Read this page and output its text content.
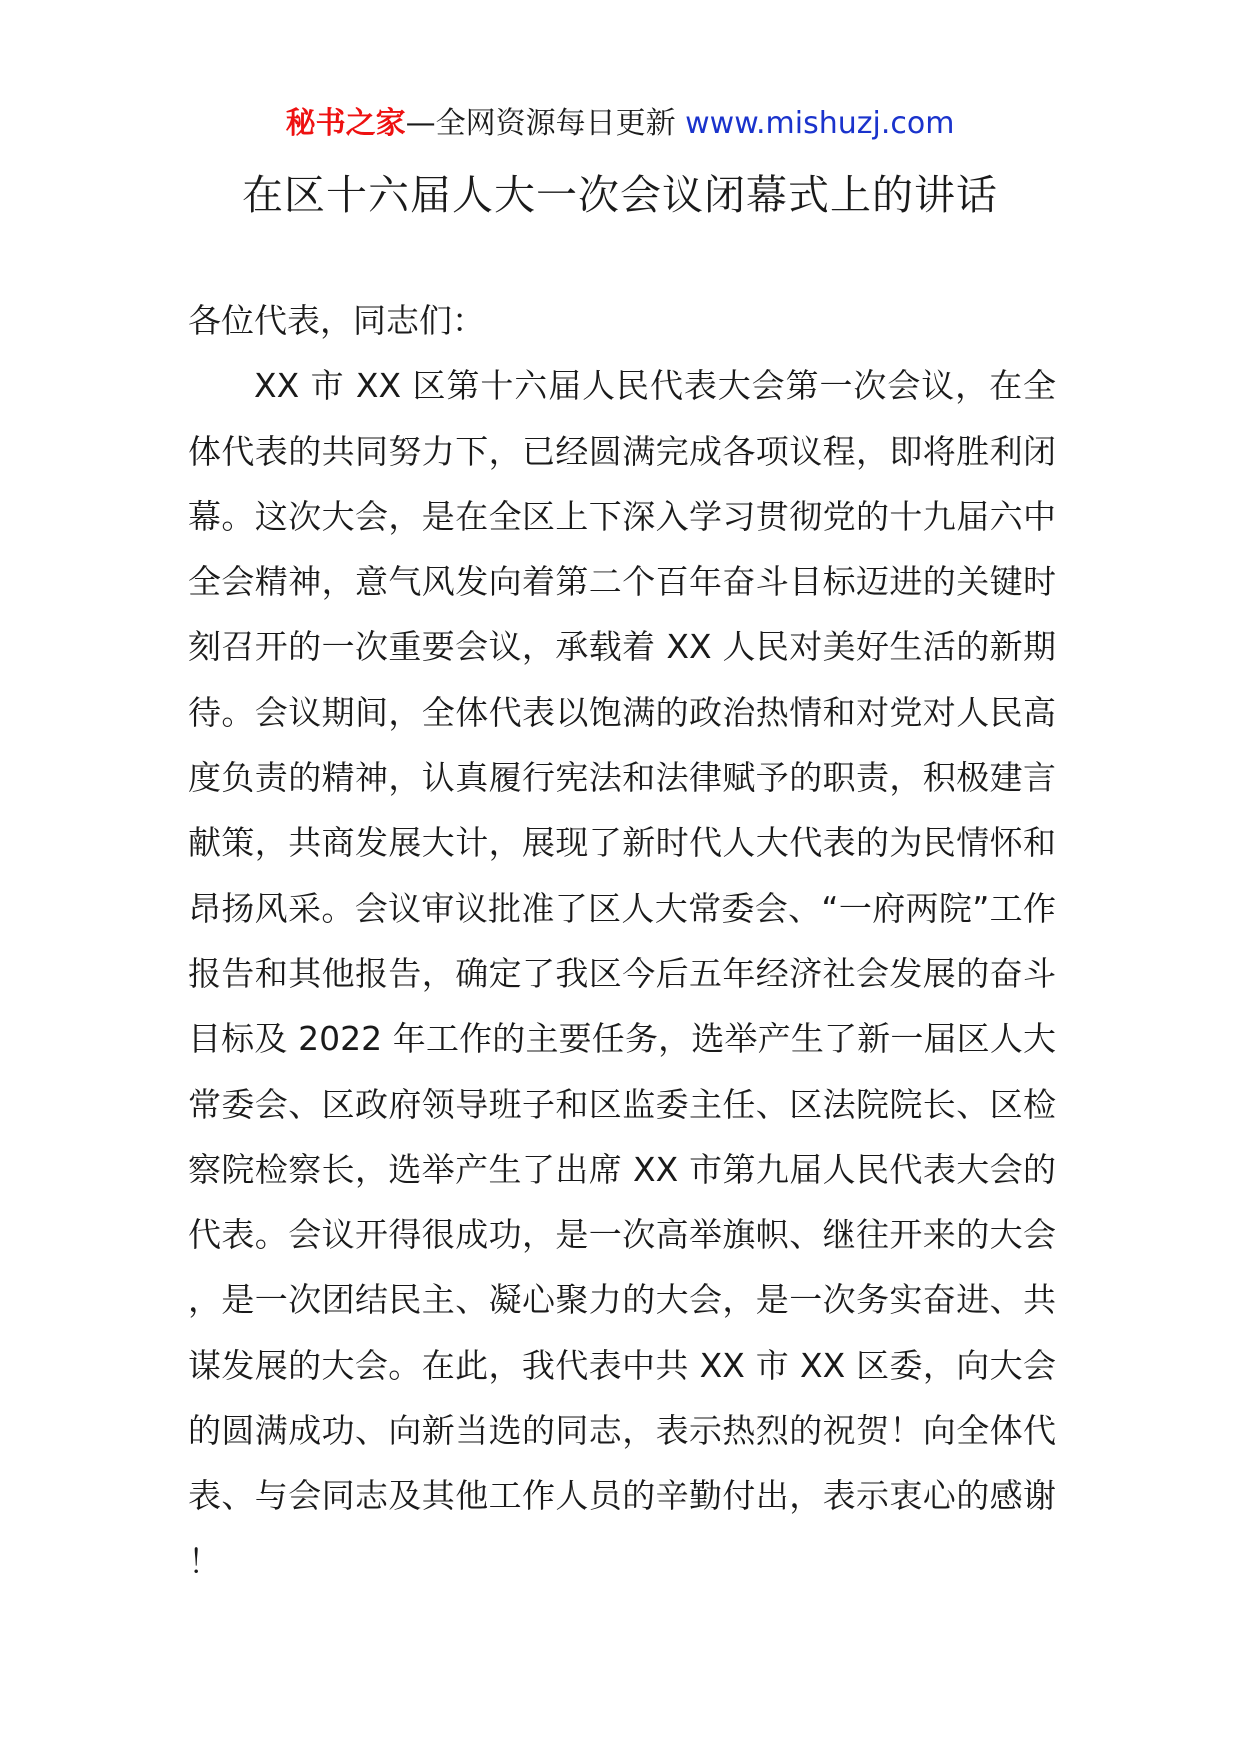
秘书之家—全网资源每日更新 www.mishuzj.com
在区十六届人大一次会议闭幕式上的讲话

各位代表，同志们：

XX 市 XX 区第十六届人民代表大会第一次会议，在全体代表的共同努力下，已经圆满完成各项议程，即将胜利闭幕。这次大会，是在全区上下深入学习贯彻党的十九届六中全会精神，意气风发向着第二个百年奋斗目标迈进的关键时刻召开的一次重要会议，承载着 XX 人民对美好生活的新期待。会议期间，全体代表以饱满的政治热情和对党对人民高度负责的精神，认真履行宪法和法律赋予的职责，积极建言献策，共商发展大计，展现了新时代人大代表的为民情怀和昂扬风采。会议审议批准了区人大常委会、“一府两院”工作报告和其他报告，确定了我区今后五年经济社会发展的奋斗目标及 2022 年工作的主要任务，选举产生了新一届区人大常委会、区政府领导班子和区监委主任、区法院院长、区检察院检察长，选举产生了出席 XX 市第九届人民代表大会的代表。会议开得很成功，是一次高举旗帜、继往开来的大会，是一次团结民主、凝心聚力的大会，是一次务实奋进、共谋发展的大会。在此，我代表中共 XX 市 XX 区委，向大会的圆满成功、向新当选的同志，表示热烈的祝贺！向全体代表、与会同志及其他工作人员的辛勤付出，表示衷心的感谢！
